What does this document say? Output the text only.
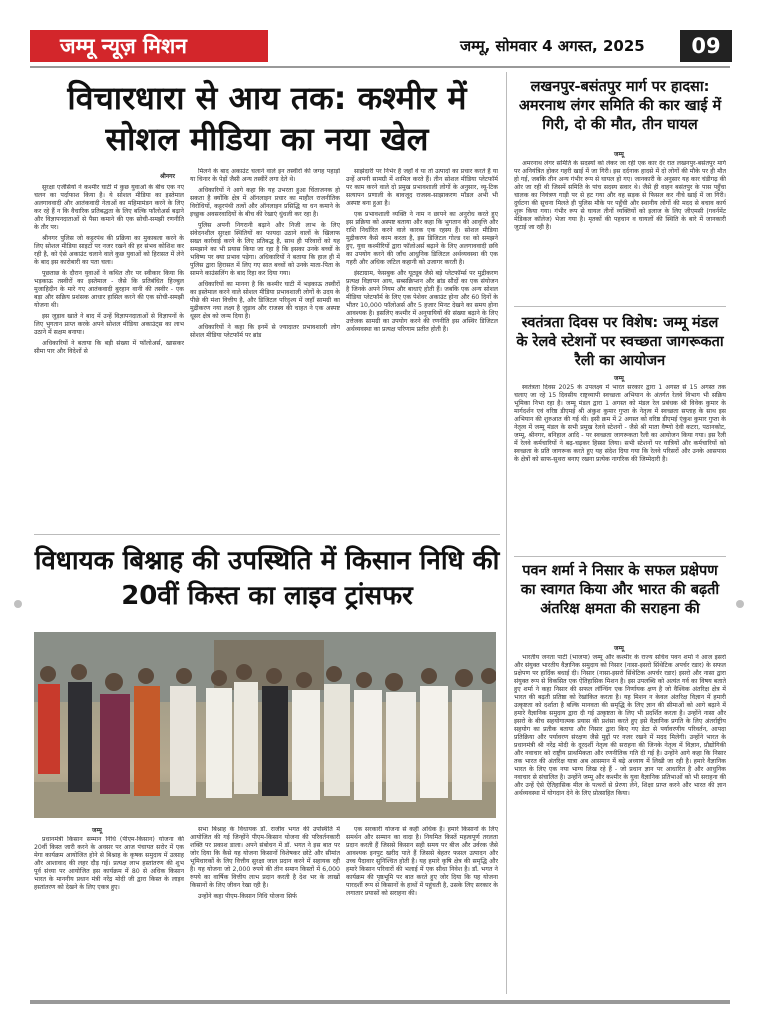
जम्मू न्यूज़ मिशन	जम्मू, सोमवार 4 अगस्त, 2025	09
विचारधारा से आय तक: कश्मीर में सोशल मीडिया का नया खेल
श्रीनगर

सुरक्षा एजेंसियों ने कश्मीर घाटी में कुछ युवाओं के बीच एक नए चलन का पर्दाफाश किया है। ये सोशल मीडिया का इस्तेमाल अलगाववादी और आतंकवादी नेताओं का महिमामंडन करने के लिए कर रहे हैं न कि वैचारिक प्रतिबद्धता के लिए बल्कि फॉलोअर्स बढ़ाने और विज्ञापनदाताओं से पैसा कमाने की एक सोची-समझी रणनीति के तौर पर।

श्रीनगर पुलिस जो कट्टरपंथ की प्रक्रिया का मुकाबला करने के लिए सोशल मीडिया साइटों पर नजर रखने की हर संभव कोशिश कर रही है, को ऐसे अकाउंट चलाने वाले कुछ युवाओं को हिरासत में लेने के बाद इस कारोबारी का पता चला।

पूछताछ के दौरान युवाओं ने कथित तौर पर स्वीकार किया कि भड़काऊ तस्वीरों का इस्तेमाल - जैसे कि प्रतिबंधित हिज्बुल मुजाहिदीन के मारे गए आतंकवादी बुरहान वानी की तस्वीर - एक बड़ा और सक्रिय प्रशंसक आधार हासिल करने की एक सोची-समझी योजना थी।

इस जुड़ाव खाते ने बाद में उन्हें विज्ञापनदाताओं से विज्ञापनों के लिए भुगतान प्राप्त करके अपने सोशल मीडिया अकाउंट्स का लाभ उठाने में सक्षम बनाया।

अधिकारियों ने बताया कि बड़ी संख्या में फॉलोअर्स, खासकर सीमा पार और विदेशों से

मिलने के बाद अकाउंट चलाने वाले इन तस्वीरों की जगह पहाड़ों या चिनार के पेड़ों जैसी अन्य तस्वीरें लगा देते थे।

अधिकारियों ने आगे कहा कि यह उभरता हुआ चिंताजनक हो सकता है क्योंकि क्षेत्र में ऑनलाइन प्रचार का माहौल राजनीतिक विरोधियों, कट्टरपंथी तत्वों और ऑनलाइन प्रसिद्धि या धन कमाने के इच्छुक अवसरवादियों के बीच की रेखाएं धुंधली कर रहा है।

पुलिस अपनी निगरानी बढ़ाने और निजी लाभ के लिए संवेदनशील सुरक्षा स्थितियों का फायदा उठाने वालों के खिलाफ सख्त कार्रवाई करने के लिए प्रतिबद्ध है, साथ ही परिवारों को यह समझाने का भी प्रयास किया जा रहा है कि इसका उनके बच्चों के भविष्य पर क्या प्रभाव पड़ेगा। अधिकारियों ने बताया कि हाल ही में पुलिस द्वारा हिरासत में लिए गए सात बच्चों को उनके माता-पिता के सामने काउंसलिंग के बाद रिहा कर दिया गया।

अधिकारियों का मानना है कि कश्मीर घाटी में भड़काऊ तस्वीरों का इस्तेमाल करने वाले सोशल मीडिया प्रभावशाली लोगों के उदय के पीछे की मंशा वित्तीय है, और डिजिटल परिदृश्य में जहाँ सामग्री का मुद्रीकरण नया लक्ष्य है जुड़ाव और राजस्व की चाहत ने एक अस्पष्ट धूसर क्षेत्र को जन्म दिया है।

अधिकारियों ने कहा कि इनमें से ज्यादातर प्रभावशाली लोग सोशल मीडिया प्लेटफॉर्म पर ब्रांड

साझेदारी पर निर्भर हैं जहाँ वे या तो उत्पादों का प्रचार करते हैं या उन्हें अपनी सामग्री में शामिल करते हैं। तीन सोशल मीडिया प्लेटफॉर्म पर काम करने वाले दो प्रमुख प्रभावशाली लोगों के अनुसार, व्यू-टिक सत्यापन प्रणाली के बावजूद राजस्व-साझाकरण मॉडल अभी भी अस्पष्ट बना हुआ है।

एक प्रभावशाली व्यक्ति ने नाम न छापने का अनुरोध करते हुए इस प्रक्रिया को अस्पष्ट बताया और कहा कि भुगतान की आवृत्ति और राशि निर्धारित करने वाले कारक एक रहस्य हैं। सोशल मीडिया मुद्रीकरण कैसे काम करता है, इस डिजिटल गोल्ड रश को समझने हुए, युवा कश्मीरियों द्वारा फॉलोअर्स बढ़ाने के लिए अलगाववादी छवि का उपयोग करने की जाँच आधुनिक डिजिटल अर्थव्यवस्था की एक गहरी और अधिक जटिल कहानी को उजागर करती है।

इंस्टाग्राम, फेसबुक और यूट्यूब जैसे बड़े प्लेटफॉर्म्स पर मुद्रीकरण प्रत्यक्ष विज्ञापन आय, सब्सक्रिप्शन और ब्रांड सौदों का एक संयोजन है जिनके अपने नियम और बाधाएं होती हैं। जबकि एक अन्य सोशल मीडिया प्लेटफॉर्म के लिए एक पेशेवर अकाउंट होना और 60 दिनों के भीतर 10,000 फॉलोअर्स और 5 हजार मिनट देखने का समय होना आवश्यक है। इसलिए कश्मीर में अनुयायियों की संख्या बढ़ाने के लिए उत्तेजक सामग्री का उपयोग करने की रणनीति इस अस्थिर डिजिटल अर्थव्यवस्था का प्रत्यक्ष परिणाम प्रतीत होती है।

विधायक बिश्नाह की उपस्थिति में किसान निधि की 20वीं किस्त का लाइव ट्रांसफर
जम्मू

प्रधानमंत्री किसान सम्मान निधि (पीएम-किसान) योजना की 20वीं किस्त जारी करने के अवसर पर आज पंचायत सरोर में एक मेगा कार्यक्रम आयोजित होने से बिश्नाह के कृषक समुदाय में उत्साह और आशावाद की लहर दौड़ गई। प्रत्यक्ष लाभ हस्तांतरण की शुभ पूर्व संध्या पर आयोजित इस कार्यक्रम में 80 से अधिक किसान भारत के माननीय प्रधान मंत्री नरेंद्र मोदी जी द्वारा किस्त के लाइव हस्तांतरण को देखने के लिए एकत्र हुए।

सभा बिश्नाह के विधायक डॉ. राजीव भगत की उपस्थिति में आयोजित की गई जिन्होंने पीएम-किसान योजना की परिवर्तनकारी शक्ति पर प्रकाश डाला। अपने संबोधन में डॉ. भगत ने इस बात पर जोर दिया कि कैसे यह योजना किसानों विशेषकर छोटे और सीमांत भूमिधारकों के लिए वित्तीय सुरक्षा जाल प्रदान करने में सहायक रही है। यह योजना जो 2,000 रुपये की तीन समान किस्तों में 6,000 रुपये का वार्षिक वित्तीय लाभ प्रदान करती है देश भर के लाखों किसानों के लिए जीवन रेखा रही है।

उन्होंने कहा पीएम-किसान निधि योजना सिर्फ

एक सरकारी योजना से कहीं अधिक है। हमारे किसानों के लिए समर्थन और सम्मान का वादा है। नियमित किस्तें महत्वपूर्ण तरलता प्रदान करती हैं जिससे किसान सही समय पर बीज और उर्वरक जैसे आवश्यक इनपुट खरीद पाते हैं जिससे बेहतर फसल उत्पादन और उच्च पैदावार सुनिश्चित होती है। यह हमारे कृषि क्षेत्र की समृद्धि और हमारे किसान परिवारों की भलाई में एक सीधा निवेश है। डॉ. भगत ने कार्यक्रम की पृष्ठभूमि पर बात करते हुए जोर दिया कि यह योजना पारदर्शी रूप से किसानों के हाथों में पहुंचती है, उसके लिए सरकार के लगातार प्रयासों को सराहना की।

लखनपुर-बसंतपुर मार्ग पर हादसा: अमरनाथ लंगर समिति की कार खाई में गिरी, दो की मौत, तीन घायल
जम्मू

अमरनाथ लंगर समिति के सदस्यों को लेकर जा रही एक कार देर रात लखनपुर-बसंतपुर मार्ग पर अनियंत्रित होकर गहरी खाई में जा गिरी। इस दर्दनाक हादसे में दो लोगों की मौके पर ही मौत हो गई, जबकि तीन अन्य गंभीर रूप से घायल हो गए। जानकारी के अनुसार यह कार चंडीगढ़ की ओर जा रही थी जिसमें समिति के पांच सदस्य सवार थे। जैसे ही वाहन बसंतपुर के पास पहुँचा चालक का नियंत्रण गाड़ी पर से हट गया और वह सड़क से फिसल कर नीचे खाई में जा गिरी। दुर्घटना की सूचना मिलते ही पुलिस मौके पर पहुँची और स्थानीय लोगों की मदद से बचाव कार्य शुरू किया गया। गंभीर रूप से घायल तीनों व्यक्तियों को इलाज के लिए जीएमसी (गवर्नमेंट मेडिकल कॉलेज) भेजा गया है। मृतकों की पहचान व घायलों की स्थिति के बारे में जानकारी जुटाई जा रही है।

स्वतंत्रता दिवस पर विशेष: जम्मू मंडल के रेलवे स्टेशनों पर स्वच्छता जागरूकता रैली का आयोजन
जम्मू

स्वतंत्रता दिवस 2025 के उपलक्ष्य में भारत सरकार द्वारा 1 अगस्त से 15 अगस्त तक चलाए जा रहे 15 दिवसीय राष्ट्रव्यापी स्वच्छता अभियान के अंतर्गत रेलवे विभाग भी सक्रिय भूमिका निभा रहा है। जम्मू मंडल द्वारा 1 अगस्त को मंडल रेल प्रबंधक श्री विवेक कुमार के मार्गदर्शन एवं वरिष्ठ डीएमई श्री अंकुश कुमार गुप्ता के नेतृत्व में स्वच्छता सप्ताह के साथ इस अभियान की शुरुआत की गई थी। इसी क्रम में 2 अगस्त को वरिष्ठ डीएमई एंकुश कुमार गुप्ता के नेतृत्व में जम्मू मंडल के सभी प्रमुख रेलवे स्टेशनों - जैसे श्री माता वैष्णो देवी कटरा, पठानकोट, जम्मू, श्रीनगर, बनिहाल आदि - पर स्वच्छता जागरूकता रैली का आयोजन किया गया। इस रैली में रेलवे कर्मचारियों ने बढ़-चढ़कर हिस्सा लिया। सभी स्टेशनों पर यात्रियों और कर्मचारियों को स्वच्छता के प्रति जागरूक करते हुए यह संदेश दिया गया कि रेलवे परिसरों और उनके आसपास के क्षेत्रों को साफ-सुथरा बनाए रखना प्रत्येक नागरिक की जिम्मेदारी है।

पवन शर्मा ने निसार के सफल प्रक्षेपण का स्वागत किया और भारत की बढ़ती अंतरिक्ष क्षमता की सराहना की
जम्मू

भारतीय जनता पार्टी (भाजपा) जम्मू और कश्मीर के राज्य सचिव पवन शर्मा ने आज इसरो और संयुक्त भारतीय वैज्ञानिक समुदाय को निसार (नासा-इसरो सिंथेटिक अपर्चर रडार) के सफल प्रक्षेपण पर हार्दिक बधाई दी। निसार (नासा-इसरो सिंथेटिक अपर्चर रडार) इसरो और नासा द्वारा संयुक्त रूप से विकसित एक ऐतिहासिक मिशन है। इस उपलब्धि को अत्यंत गर्व का विषय बताते हुए शर्मा ने कहा निसार की सफल लॉन्चिंग एक निर्णायक क्षण है जो वैश्विक अंतरिक्ष क्षेत्र में भारत की बढ़ती प्रतिष्ठा को रेखांकित करता है। यह मिशन न केवल अंतरिक्ष विज्ञान में हमारी उत्कृष्टता को दर्शाता है बल्कि मानवता की समृद्धि के लिए ज्ञान की सीमाओं को आगे बढ़ाने में हमारे वैज्ञानिक समुदाय द्वारा दी गई उत्कृष्टता के लिए भी प्रदर्शित करता है। उन्होंने नासा और इसरो के बीच सहयोगात्मक प्रयास की प्रशंसा करते हुए इसे वैज्ञानिक प्रगति के लिए अंतर्राष्ट्रीय सहयोग का प्रतीक बताया और निसार द्वारा किए गए डेटा से पर्यावरणीय परिवर्तन, आपदा प्रतिक्रिया और पर्यावरण संरक्षण जैसे मुद्दों पर नजर रखने में मदद मिलेगी। उन्होंने भारत के प्रधानमंत्री श्री नरेंद्र मोदी के दूरदर्शी नेतृत्व की सराहना की जिनके नेतृत्व में विज्ञान, प्रौद्योगिकी और नवाचार को राष्ट्रीय प्राथमिकता और रणनीतिक गति दी गई है। उन्होंने आगे कहा कि निसार तक भारत की अंतरिक्ष यात्रा अब आसमान में बढ़े अध्याय में लिखी जा रही है। हमारे वैज्ञानिक भारत के लिए एक नया भाग्य लिख रहे हैं - जो प्रधान ज्ञान पर आधारित है और आधुनिक नवाचार से संचालित है। उन्होंने जम्मू और कश्मीर के युवा वैज्ञानिक प्रतिभाओं को भी सराहना की और उन्हें ऐसे ऐतिहासिक मील के पत्थरों से प्रेरणा लेने, शिक्षा प्राप्त करने और भारत की ज्ञान अर्थव्यवस्था में योगदान देने के लिए प्रोत्साहित किया।
